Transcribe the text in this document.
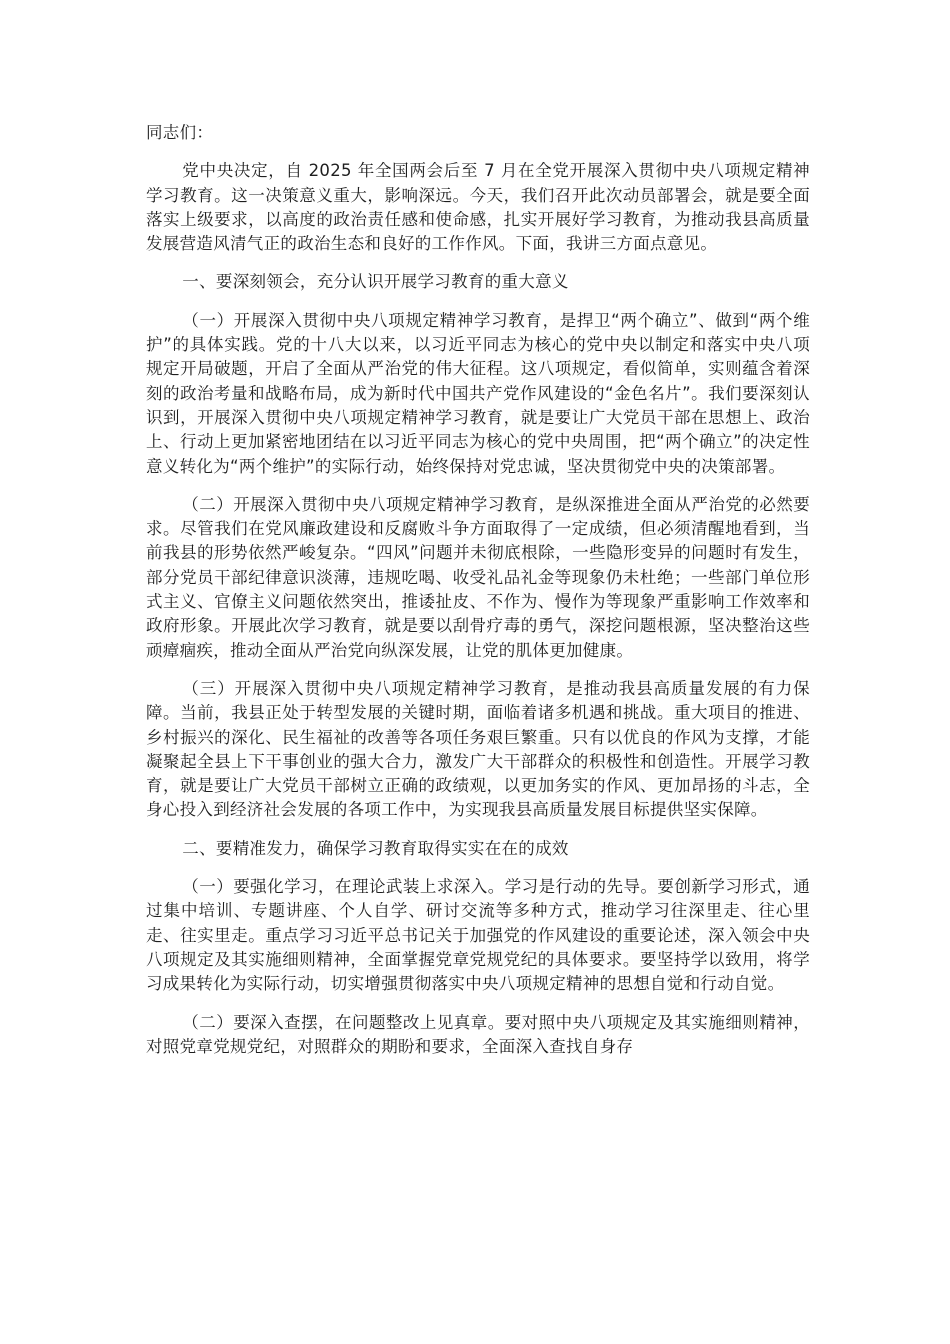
同志们：

党中央决定，自 2025 年全国两会后至 7 月在全党开展深入贯彻中央八项规定精神学习教育。这一决策意义重大，影响深远。今天，我们召开此次动员部署会，就是要全面落实上级要求，以高度的政治责任感和使命感，扎实开展好学习教育，为推动我县高质量发展营造风清气正的政治生态和良好的工作作风。下面，我讲三方面点意见。

一、要深刻领会，充分认识开展学习教育的重大意义

（一）开展深入贯彻中央八项规定精神学习教育，是捍卫“两个确立”、做到“两个维护”的具体实践。党的十八大以来，以习近平同志为核心的党中央以制定和落实中央八项规定开局破题，开启了全面从严治党的伟大征程。这八项规定，看似简单，实则蕴含着深刻的政治考量和战略布局，成为新时代中国共产党作风建设的“金色名片”。我们要深刻认识到，开展深入贯彻中央八项规定精神学习教育，就是要让广大党员干部在思想上、政治上、行动上更加紧密地团结在以习近平同志为核心的党中央周围，把“两个确立”的决定性意义转化为“两个维护”的实际行动，始终保持对党忠诚，坚决贯彻党中央的决策部署。

（二）开展深入贯彻中央八项规定精神学习教育，是纵深推进全面从严治党的必然要求。尽管我们在党风廉政建设和反腐败斗争方面取得了一定成绩，但必须清醒地看到，当前我县的形势依然严峻复杂。“四风”问题并未彻底根除，一些隐形变异的问题时有发生，部分党员干部纪律意识淡薄，违规吃喝、收受礼品礼金等现象仍未杜绝；一些部门单位形式主义、官僚主义问题依然突出，推诿扯皮、不作为、慢作为等现象严重影响工作效率和政府形象。开展此次学习教育，就是要以刮骨疗毒的勇气，深挖问题根源，坚决整治这些顽瘴痼疾，推动全面从严治党向纵深发展，让党的肌体更加健康。

（三）开展深入贯彻中央八项规定精神学习教育，是推动我县高质量发展的有力保障。当前，我县正处于转型发展的关键时期，面临着诸多机遇和挑战。重大项目的推进、乡村振兴的深化、民生福祉的改善等各项任务艰巨繁重。只有以优良的作风为支撑，才能凝聚起全县上下干事创业的强大合力，激发广大干部群众的积极性和创造性。开展学习教育，就是要让广大党员干部树立正确的政绩观，以更加务实的作风、更加昂扬的斗志，全身心投入到经济社会发展的各项工作中，为实现我县高质量发展目标提供坚实保障。

二、要精准发力，确保学习教育取得实实在在的成效

（一）要强化学习，在理论武装上求深入。学习是行动的先导。要创新学习形式，通过集中培训、专题讲座、个人自学、研讨交流等多种方式，推动学习往深里走、往心里走、往实里走。重点学习习近平总书记关于加强党的作风建设的重要论述，深入领会中央八项规定及其实施细则精神，全面掌握党章党规党纪的具体要求。要坚持学以致用，将学习成果转化为实际行动，切实增强贯彻落实中央八项规定精神的思想自觉和行动自觉。

（二）要深入查摆，在问题整改上见真章。要对照中央八项规定及其实施细则精神，对照党章党规党纪，对照群众的期盼和要求，全面深入查找自身存
